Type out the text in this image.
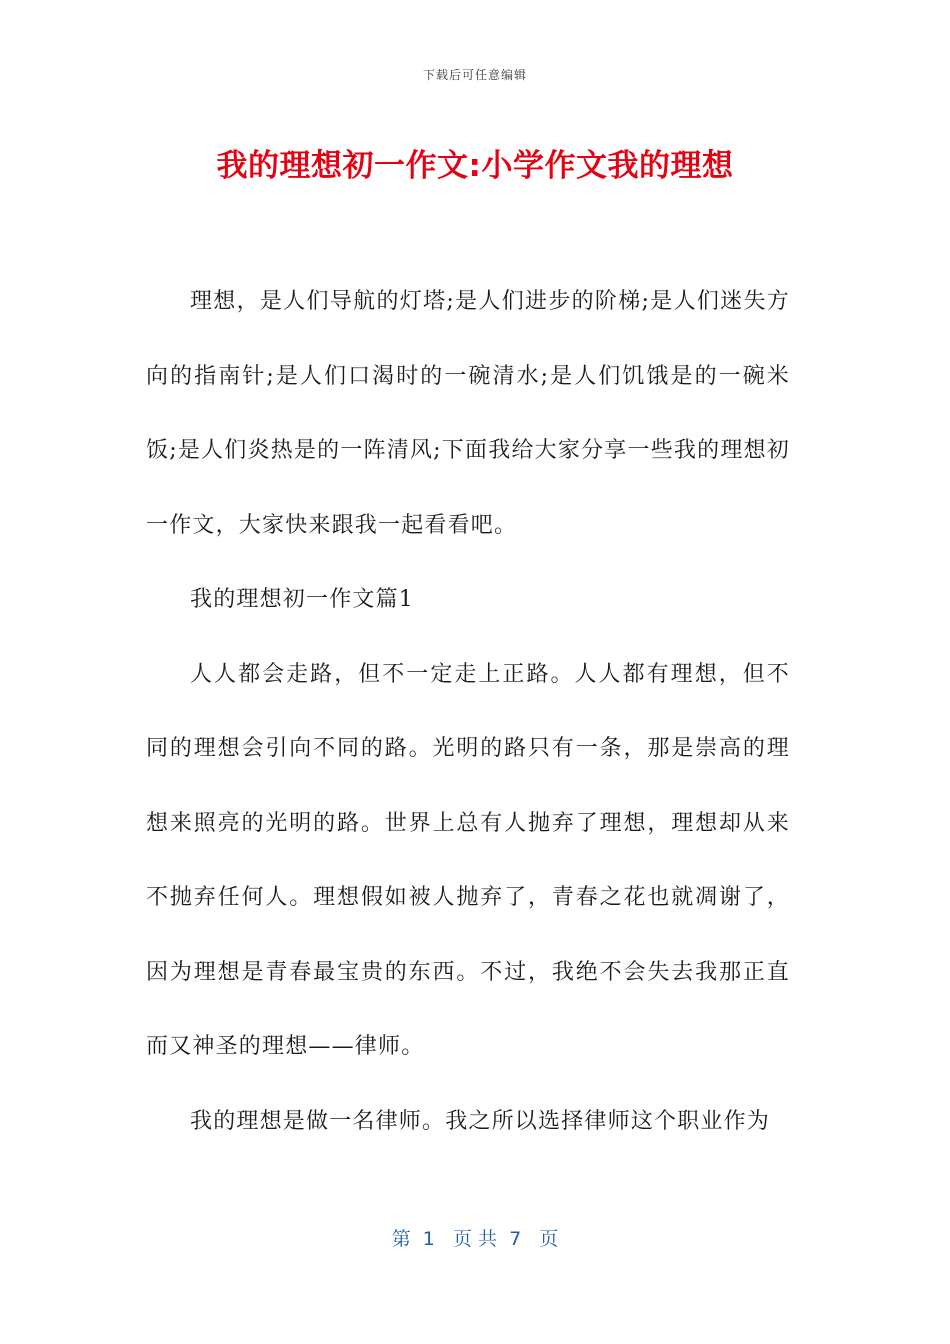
下载后可任意编辑
我的理想初一作文:小学作文我的理想

理想，是人们导航的灯塔;是人们进步的阶梯;是人们迷失方向的指南针;是人们口渴时的一碗清水;是人们饥饿是的一碗米饭;是人们炎热是的一阵清风;下面我给大家分享一些我的理想初一作文，大家快来跟我一起看看吧。

我的理想初一作文篇1

人人都会走路，但不一定走上正路。人人都有理想，但不同的理想会引向不同的路。光明的路只有一条，那是崇高的理想来照亮的光明的路。世界上总有人抛弃了理想，理想却从来不抛弃任何人。理想假如被人抛弃了，青春之花也就凋谢了，因为理想是青春最宝贵的东西。不过，我绝不会失去我那正直而又神圣的理想——律师。

我的理想是做一名律师。我之所以选择律师这个职业作为

第  1   页 共  7   页
